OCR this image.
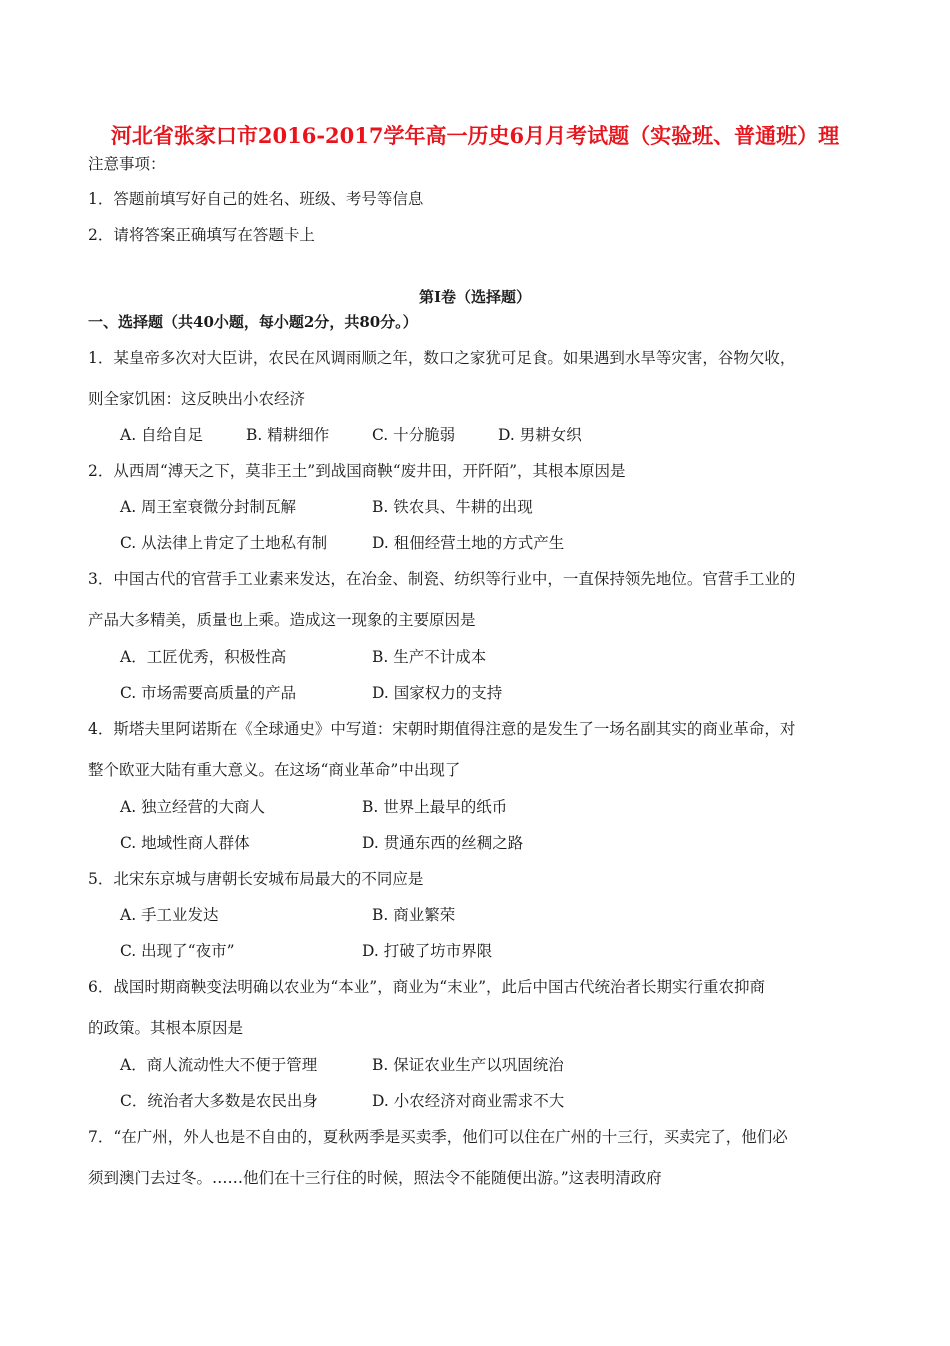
河北省张家口市2016-2017学年高一历史6月月考试题（实验班、普通班）理
注意事项：
1．答题前填写好自己的姓名、班级、考号等信息
2．请将答案正确填写在答题卡上
第I卷（选择题）
一、选择题（共40小题，每小题2分，共80分。）
1．某皇帝多次对大臣讲，农民在风调雨顺之年，数口之家犹可足食。如果遇到水旱等灾害，谷物欠收，
则全家饥困：这反映出小农经济
A. 自给自足	B. 精耕细作	C. 十分脆弱	D. 男耕女织
2．从西周“溥天之下，莫非王土”到战国商鞅“废井田，开阡陌”，其根本原因是
A. 周王室衰微分封制瓦解	B. 铁农具、牛耕的出现
C. 从法律上肯定了土地私有制	D. 租佃经营土地的方式产生
3．中国古代的官营手工业素来发达，在冶金、制瓷、纺织等行业中，一直保持领先地位。官营手工业的
产品大多精美，质量也上乘。造成这一现象的主要原因是
A．工匠优秀，积极性高	B. 生产不计成本
C. 市场需要高质量的产品	D. 国家权力的支持
4．斯塔夫里阿诺斯在《全球通史》中写道：宋朝时期值得注意的是发生了一场名副其实的商业革命，对
整个欧亚大陆有重大意义。在这场“商业革命”中出现了
A. 独立经营的大商人	B. 世界上最早的纸币
C. 地域性商人群体	D. 贯通东西的丝稠之路
5．北宋东京城与唐朝长安城布局最大的不同应是
A. 手工业发达	B. 商业繁荣
C. 出现了“夜市”	D. 打破了坊市界限
6．战国时期商鞅变法明确以农业为“本业”，商业为“末业”，此后中国古代统治者长期实行重农抑商
的政策。其根本原因是
A．商人流动性大不便于管理	B. 保证农业生产以巩固统治
C．统治者大多数是农民出身	D. 小农经济对商业需求不大
7．“在广州，外人也是不自由的，夏秋两季是买卖季，他们可以住在广州的十三行，买卖完了，他们必
须到澳门去过冬。……他们在十三行住的时候，照法令不能随便出游。”这表明清政府
